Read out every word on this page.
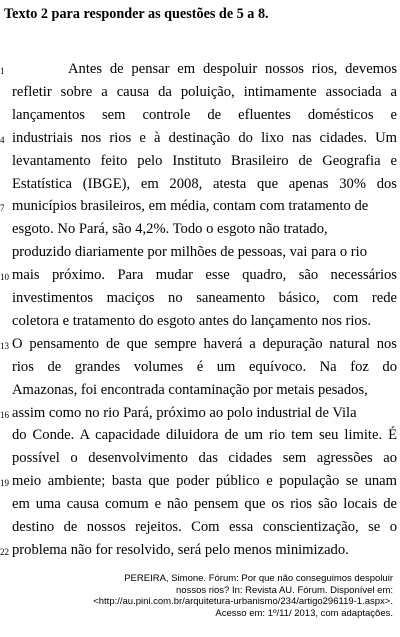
Texto 2 para responder as questões de 5 a 8.
1	Antes de pensar em despoluir nossos rios, devemos
refletir sobre a causa da poluição, intimamente associada a
lançamentos sem controle de efluentes domésticos e
4 industriais nos rios e à destinação do lixo nas cidades. Um
levantamento feito pelo Instituto Brasileiro de Geografia e
Estatística (IBGE), em 2008, atesta que apenas 30% dos
7 municípios brasileiros, em média, contam com tratamento de
esgoto. No Pará, são 4,2%. Todo o esgoto não tratado,
produzido diariamente por milhões de pessoas, vai para o rio
10 mais próximo. Para mudar esse quadro, são necessários
investimentos maciços no saneamento básico, com rede
coletora e tratamento do esgoto antes do lançamento nos rios.
13 O pensamento de que sempre haverá a depuração natural nos
rios de grandes volumes é um equívoco. Na foz do
Amazonas, foi encontrada contaminação por metais pesados,
16 assim como no rio Pará, próximo ao polo industrial de Vila
do Conde. A capacidade diluidora de um rio tem seu limite. É
possível o desenvolvimento das cidades sem agressões ao
19 meio ambiente; basta que poder público e população se unam
em uma causa comum e não pensem que os rios são locais de
destino de nossos rejeitos. Com essa conscientização, se o
22 problema não for resolvido, será pelo menos minimizado.
PEREIRA, Simone. Fórum: Por que não conseguimos despoluir
nossos rios? In: Revista AU. Fórum. Disponível em:
<http://au.pini.com.br/arquitetura-urbanismo/234/artigo296119-1.aspx>.
Acesso em: 1º/11/ 2013, com adaptações.
